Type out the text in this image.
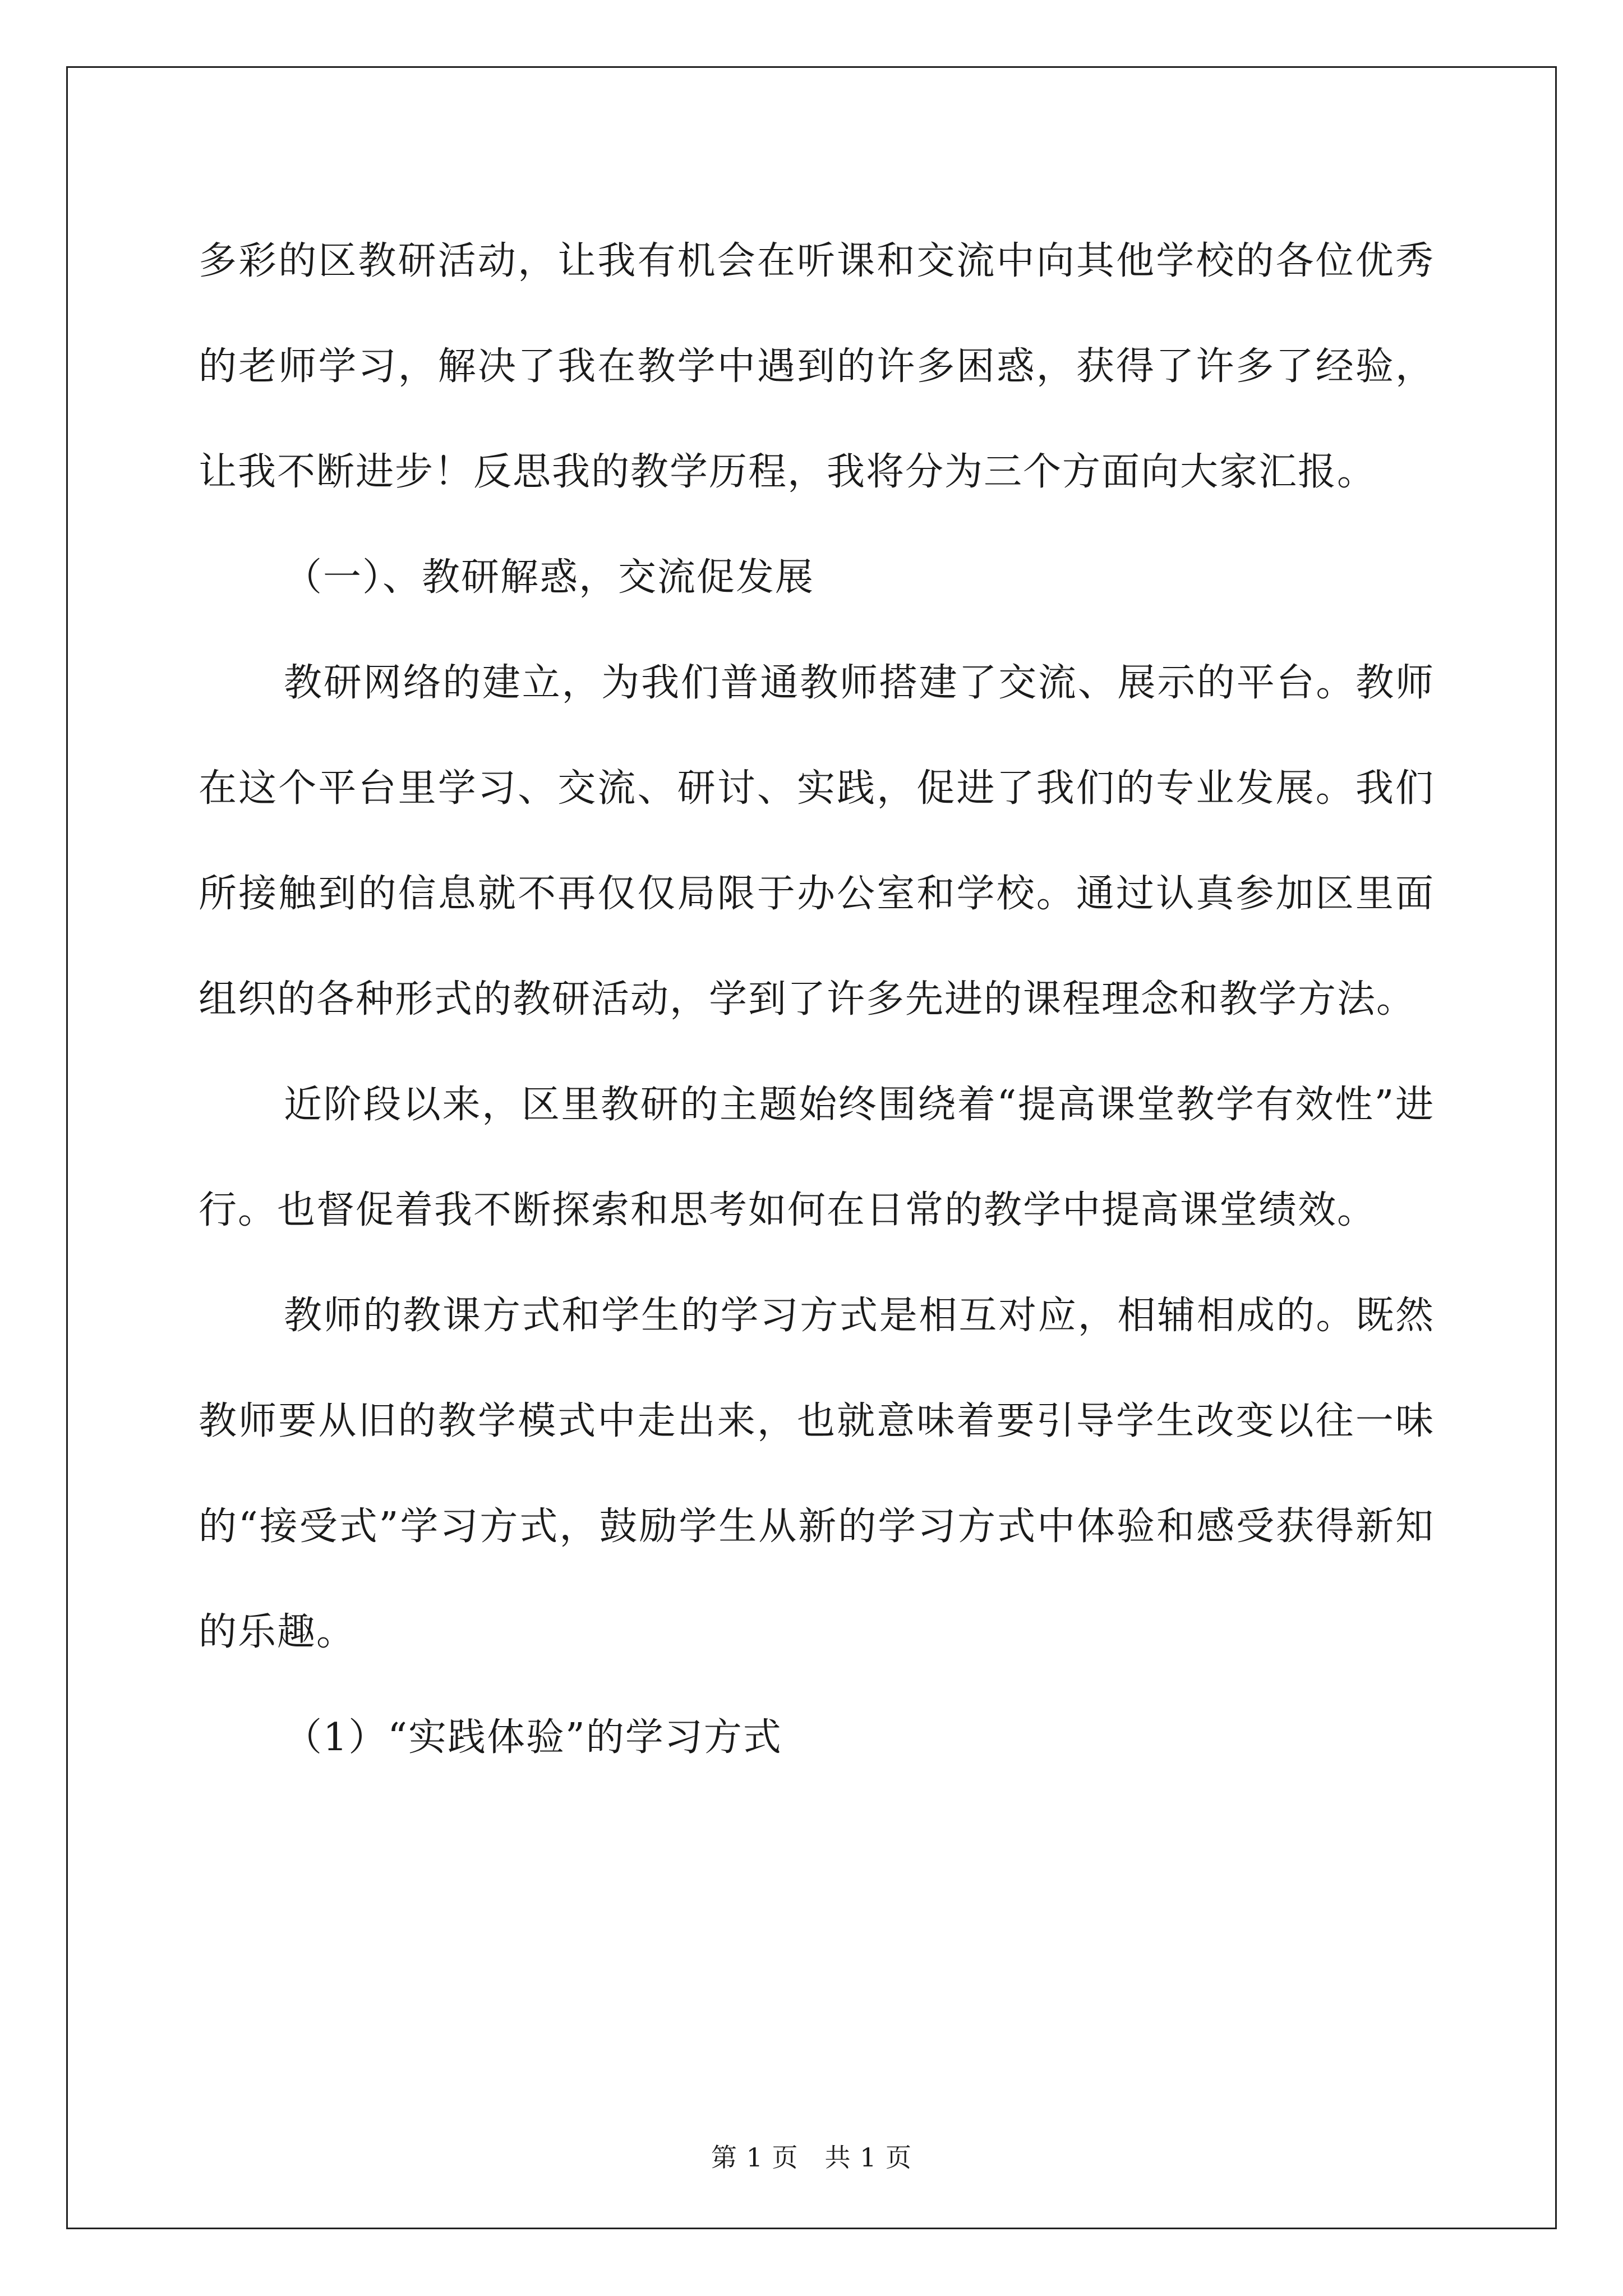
多彩的区教研活动，让我有机会在听课和交流中向其他学校的各位优秀的老师学习，解决了我在教学中遇到的许多困惑，获得了许多了经验，让我不断进步！反思我的教学历程，我将分为三个方面向大家汇报。

（一）、教研解惑，交流促发展

教研网络的建立，为我们普通教师搭建了交流、展示的平台。教师在这个平台里学习、交流、研讨、实践，促进了我们的专业发展。我们所接触到的信息就不再仅仅局限于办公室和学校。通过认真参加区里面组织的各种形式的教研活动，学到了许多先进的课程理念和教学方法。

近阶段以来，区里教研的主题始终围绕着“提高课堂教学有效性”进行。也督促着我不断探索和思考如何在日常的教学中提高课堂绩效。

教师的教课方式和学生的学习方式是相互对应，相辅相成的。既然教师要从旧的教学模式中走出来，也就意味着要引导学生改变以往一味的“接受式”学习方式，鼓励学生从新的学习方式中体验和感受获得新知的乐趣。

（1）“实践体验”的学习方式

第 1 页　共 1 页
